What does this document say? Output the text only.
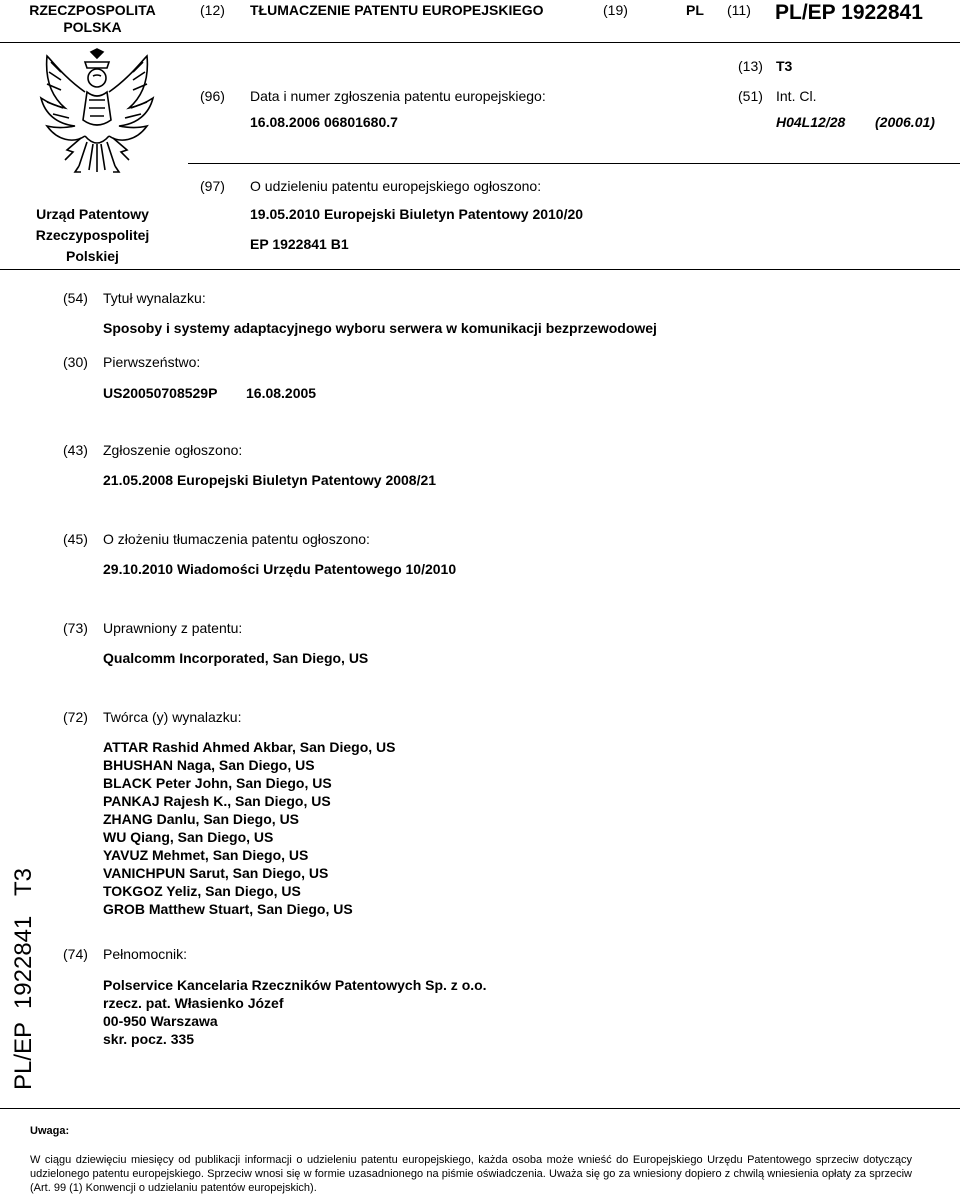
RZECZPOSPOLITA
POLSKA
(12) TŁUMACZENIE PATENTU EUROPEJSKIEGO	(19)	PL (11) PL/EP 1922841
(13) T3
(96) Data i numer zgłoszenia patentu europejskiego:	(51) Int. Cl.
16.08.2006 06801680.7	H04L12/28 (2006.01)
(97) O udzieleniu patentu europejskiego ogłoszono:
Urząd Patentowy
Rzeczypospolitej
Polskiej
19.05.2010 Europejski Biuletyn Patentowy 2010/20
EP 1922841 B1
(54) Tytuł wynalazku:
Sposoby i systemy adaptacyjnego wyboru serwera w komunikacji bezprzewodowej
(30) Pierwszeństwo:
US20050708529P 16.08.2005
(43) Zgłoszenie ogłoszono:
21.05.2008 Europejski Biuletyn Patentowy 2008/21
(45) O złożeniu tłumaczenia patentu ogłoszono:
29.10.2010 Wiadomości Urzędu Patentowego 10/2010
(73) Uprawniony z patentu:
Qualcomm Incorporated, San Diego, US
(72) Twórca (y) wynalazku:
ATTAR Rashid Ahmed Akbar, San Diego, US
BHUSHAN Naga, San Diego, US
BLACK Peter John, San Diego, US
PANKAJ Rajesh K., San Diego, US
ZHANG Danlu, San Diego, US
WU Qiang, San Diego, US
YAVUZ Mehmet, San Diego, US
VANICHPUN Sarut, San Diego, US
TOKGOZ Yeliz, San Diego, US
GROB Matthew Stuart, San Diego, US
(74) Pełnomocnik:
Polservice Kancelaria Rzeczników Patentowych Sp. z o.o.
rzecz. pat. Własienko Józef
00-950 Warszawa
skr. pocz. 335
PL/EP  1922841   T3
Uwaga:
W ciągu dziewięciu miesięcy od publikacji informacji o udzieleniu patentu europejskiego, każda osoba może wnieść do Europejskiego Urzędu Patentowego sprzeciw dotyczący udzielonego patentu europejskiego. Sprzeciw wnosi się w formie uzasadnionego na piśmie oświadczenia. Uważa się go za wniesiony dopiero z chwilą wniesienia opłaty za sprzeciw (Art. 99 (1) Konwencji o udzielaniu patentów europejskich).
